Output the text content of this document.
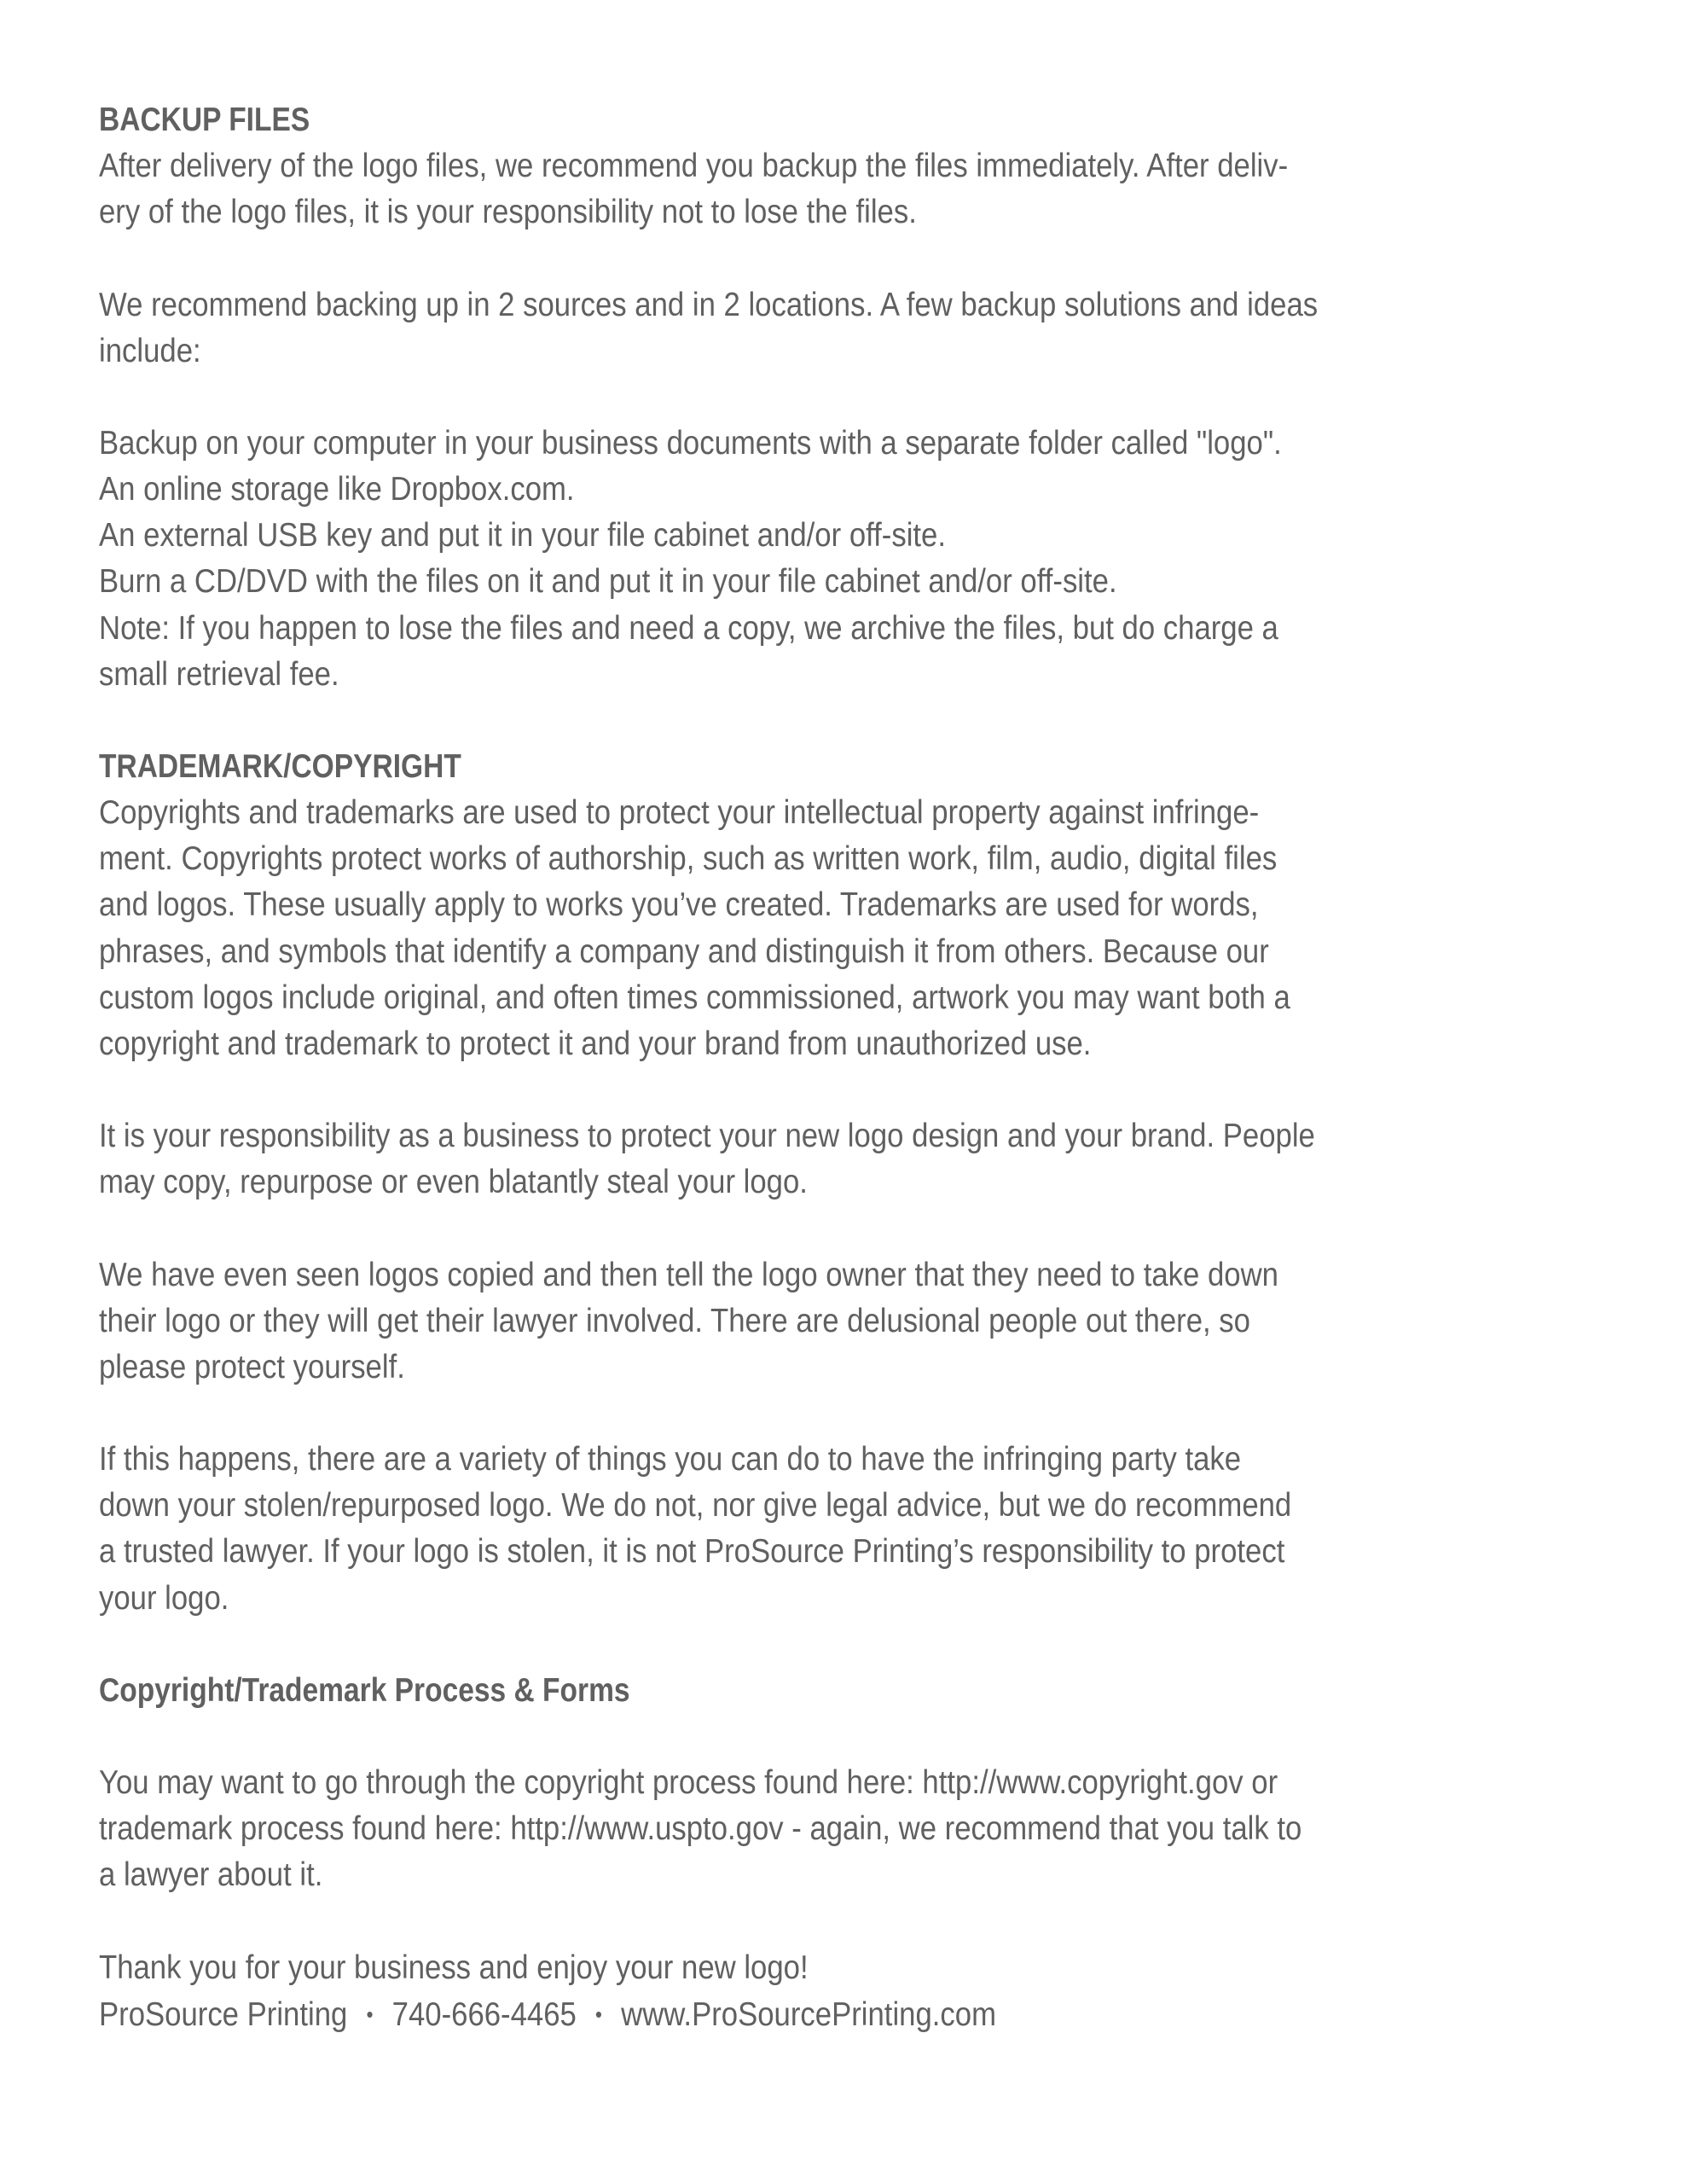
BACKUP FILES
After delivery of the logo files, we recommend you backup the files immediately. After deliv-
ery of the logo files, it is your responsibility not to lose the files.
We recommend backing up in 2 sources and in 2 locations. A few backup solutions and ideas
include:
Backup on your computer in your business documents with a separate folder called "logo".
An online storage like Dropbox.com.
An external USB key and put it in your file cabinet and/or off-site.
Burn a CD/DVD with the files on it and put it in your file cabinet and/or off-site.
Note: If you happen to lose the files and need a copy, we archive the files, but do charge a
small retrieval fee.
TRADEMARK/COPYRIGHT
Copyrights and trademarks are used to protect your intellectual property against infringe-
ment. Copyrights protect works of authorship, such as written work, film, audio, digital files
and logos. These usually apply to works you’ve created. Trademarks are used for words,
phrases, and symbols that identify a company and distinguish it from others. Because our
custom logos include original, and often times commissioned, artwork you may want both a
copyright and trademark to protect it and your brand from unauthorized use.
It is your responsibility as a business to protect your new logo design and your brand. People
may copy, repurpose or even blatantly steal your logo.
We have even seen logos copied and then tell the logo owner that they need to take down
their logo or they will get their lawyer involved. There are delusional people out there, so
please protect yourself.
If this happens, there are a variety of things you can do to have the infringing party take
down your stolen/repurposed logo. We do not, nor give legal advice, but we do recommend
a trusted lawyer. If your logo is stolen, it is not ProSource Printing’s responsibility to protect
your logo.
Copyright/Trademark Process & Forms
You may want to go through the copyright process found here: http://www.copyright.gov or
trademark process found here: http://www.uspto.gov - again, we recommend that you talk to
a lawyer about it.
Thank you for your business and enjoy your new logo!
ProSource Printing • 740-666-4465 • www.ProSourcePrinting.com
